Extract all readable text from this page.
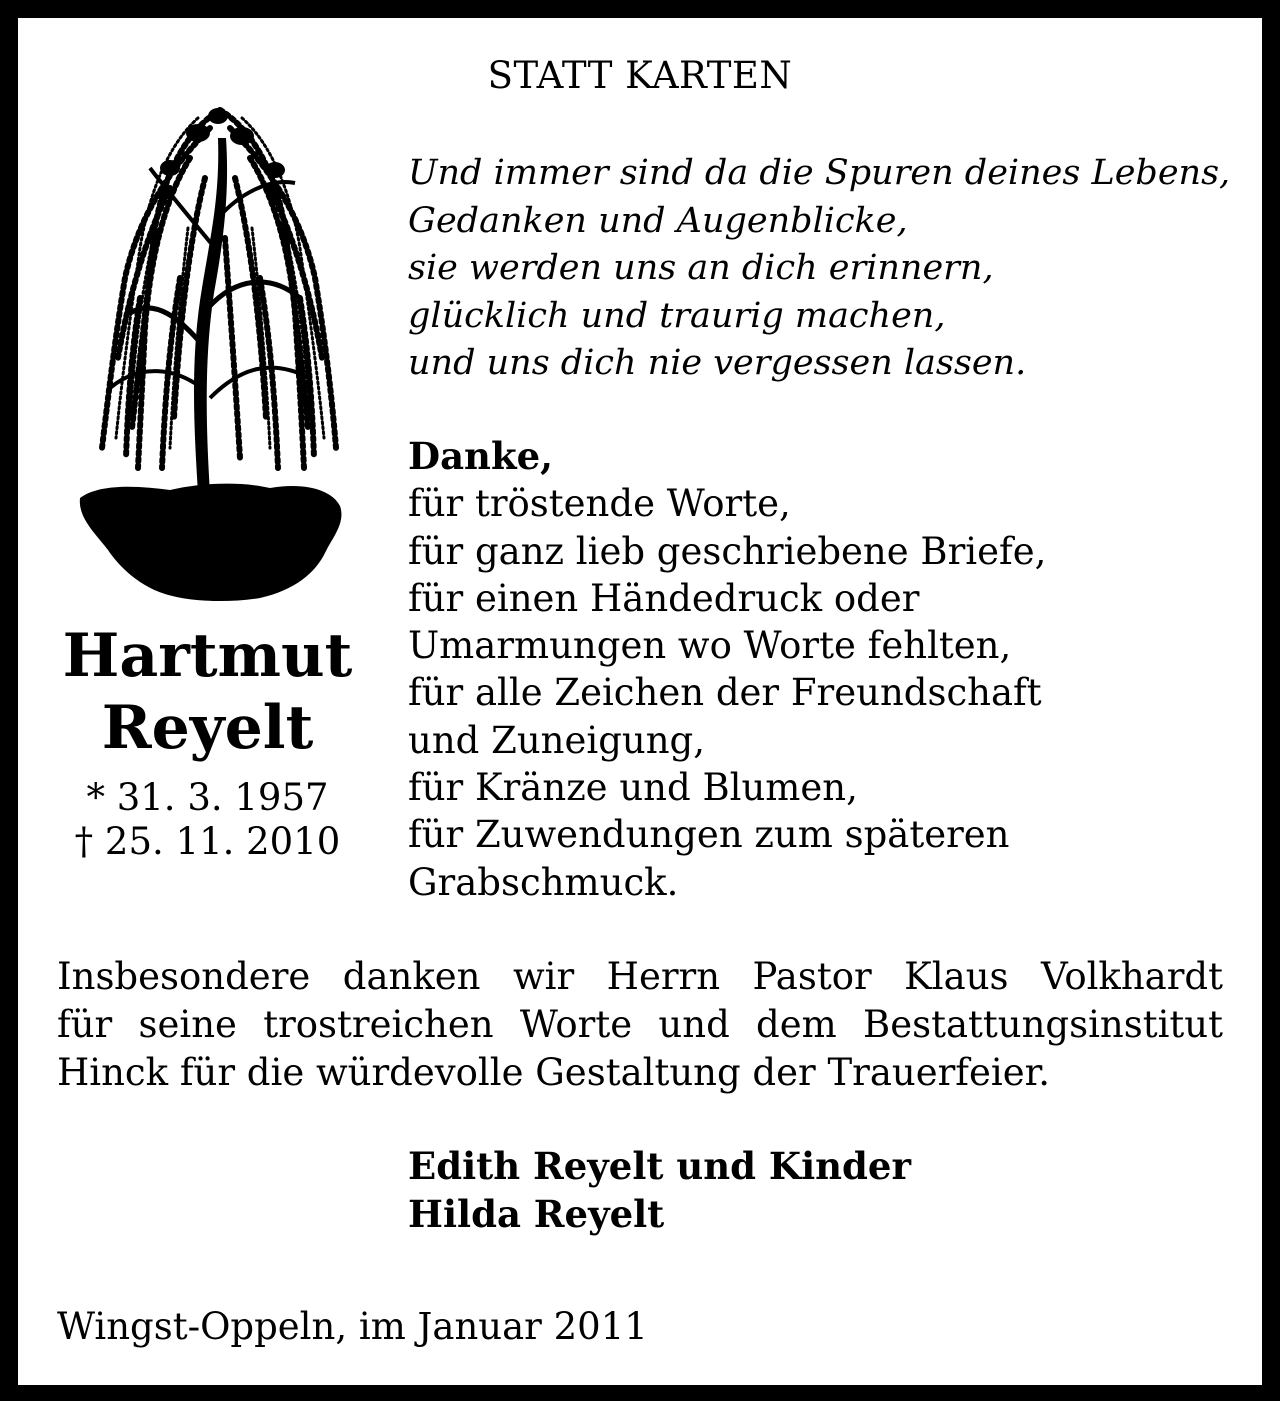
STATT KARTEN
Hartmut
Reyelt
* 31. 3. 1957
† 25. 11. 2010
Und immer sind da die Spuren deines Lebens,
Gedanken und Augenblicke,
sie werden uns an dich erinnern,
glücklich und traurig machen,
und uns dich nie vergessen lassen.
Danke,
für tröstende Worte,
für ganz lieb geschriebene Briefe,
für einen Händedruck oder
Umarmungen wo Worte fehlten,
für alle Zeichen der Freundschaft
und Zuneigung,
für Kränze und Blumen,
für Zuwendungen zum späteren
Grabschmuck.
Insbesondere danken wir Herrn Pastor Klaus Volkhardt
für seine trostreichen Worte und dem Bestattungsinstitut
Hinck für die würdevolle Gestaltung der Trauerfeier.
Edith Reyelt und Kinder
Hilda Reyelt
Wingst-Oppeln, im Januar 2011
